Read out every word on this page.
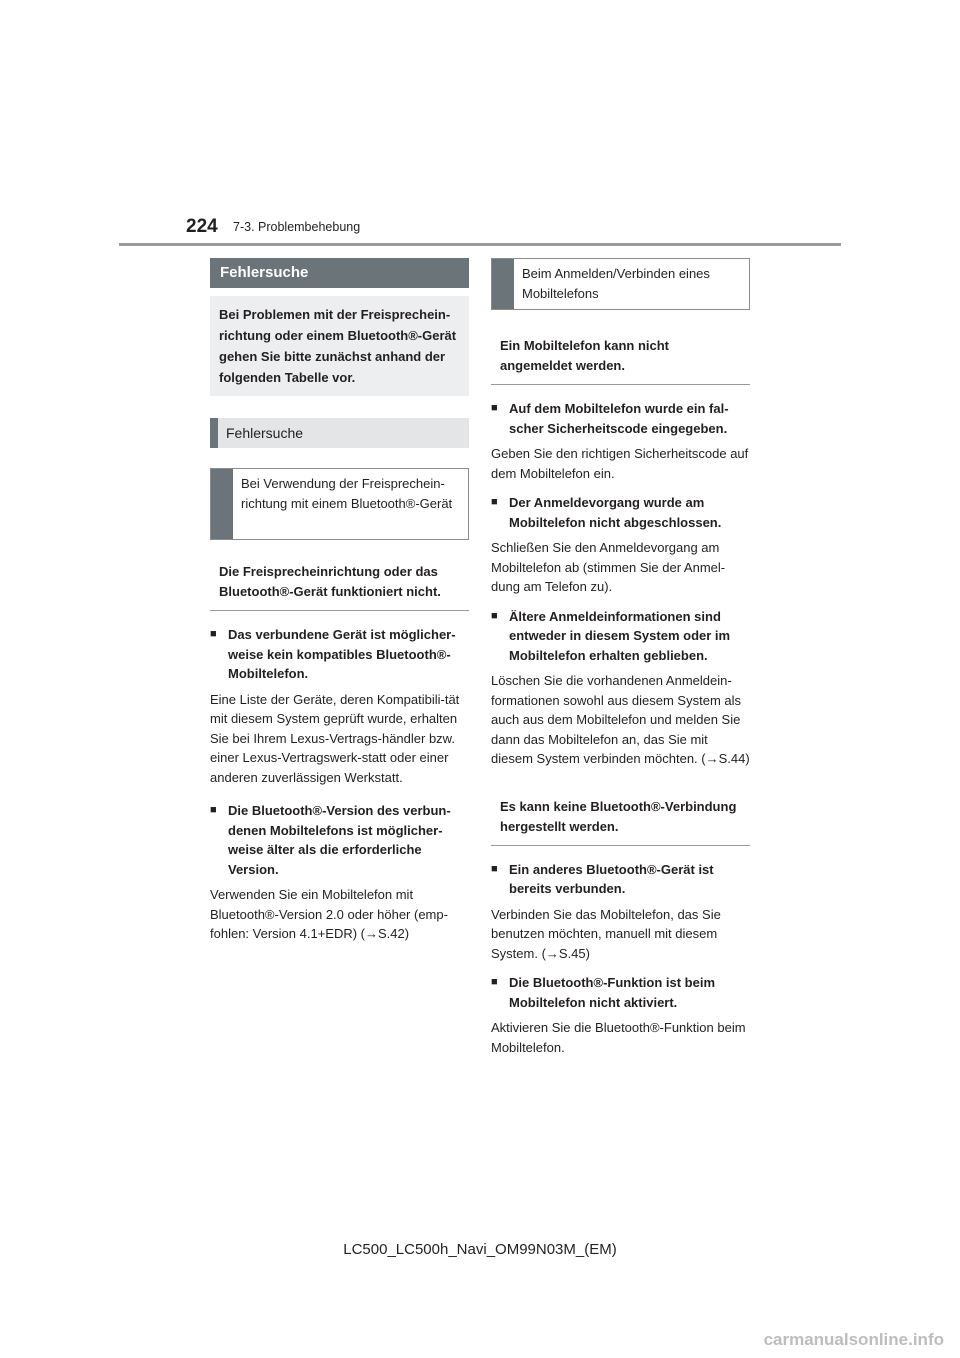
224 7-3. Problembehebung
Fehlersuche
Bei Problemen mit der Freisprechein-richtung oder einem Bluetooth®-Gerät gehen Sie bitte zunächst anhand der folgenden Tabelle vor.
Fehlersuche
Bei Verwendung der Freisprechein-richtung mit einem Bluetooth®-Gerät
Die Freisprecheinrichtung oder das Bluetooth®-Gerät funktioniert nicht.
■ Das verbundene Gerät ist möglicher-weise kein kompatibles Bluetooth®-Mobiltelefon.
Eine Liste der Geräte, deren Kompatibili-tät mit diesem System geprüft wurde, erhalten Sie bei Ihrem Lexus-Vertrags-händler bzw. einer Lexus-Vertragswerk-statt oder einer anderen zuverlässigen Werkstatt.
■ Die Bluetooth®-Version des verbun-denen Mobiltelefons ist möglicher-weise älter als die erforderliche Version.
Verwenden Sie ein Mobiltelefon mit Bluetooth®-Version 2.0 oder höher (emp-fohlen: Version 4.1+EDR) (→S.42)
Beim Anmelden/Verbinden eines Mobiltelefons
Ein Mobiltelefon kann nicht angemeldet werden.
■ Auf dem Mobiltelefon wurde ein fal-scher Sicherheitscode eingegeben.
Geben Sie den richtigen Sicherheitscode auf dem Mobiltelefon ein.
■ Der Anmeldevorgang wurde am Mobiltelefon nicht abgeschlossen.
Schließen Sie den Anmeldevorgang am Mobiltelefon ab (stimmen Sie der Anmel-dung am Telefon zu).
■ Ältere Anmeldeinformationen sind entweder in diesem System oder im Mobiltelefon erhalten geblieben.
Löschen Sie die vorhandenen Anmeldein-formationen sowohl aus diesem System als auch aus dem Mobiltelefon und melden Sie dann das Mobiltelefon an, das Sie mit diesem System verbinden möchten. (→S.44)
Es kann keine Bluetooth®-Verbindung hergestellt werden.
■ Ein anderes Bluetooth®-Gerät ist bereits verbunden.
Verbinden Sie das Mobiltelefon, das Sie benutzen möchten, manuell mit diesem System. (→S.45)
■ Die Bluetooth®-Funktion ist beim Mobiltelefon nicht aktiviert.
Aktivieren Sie die Bluetooth®-Funktion beim Mobiltelefon.
LC500_LC500h_Navi_OM99N03M_(EM)
carmanualsonline.info
